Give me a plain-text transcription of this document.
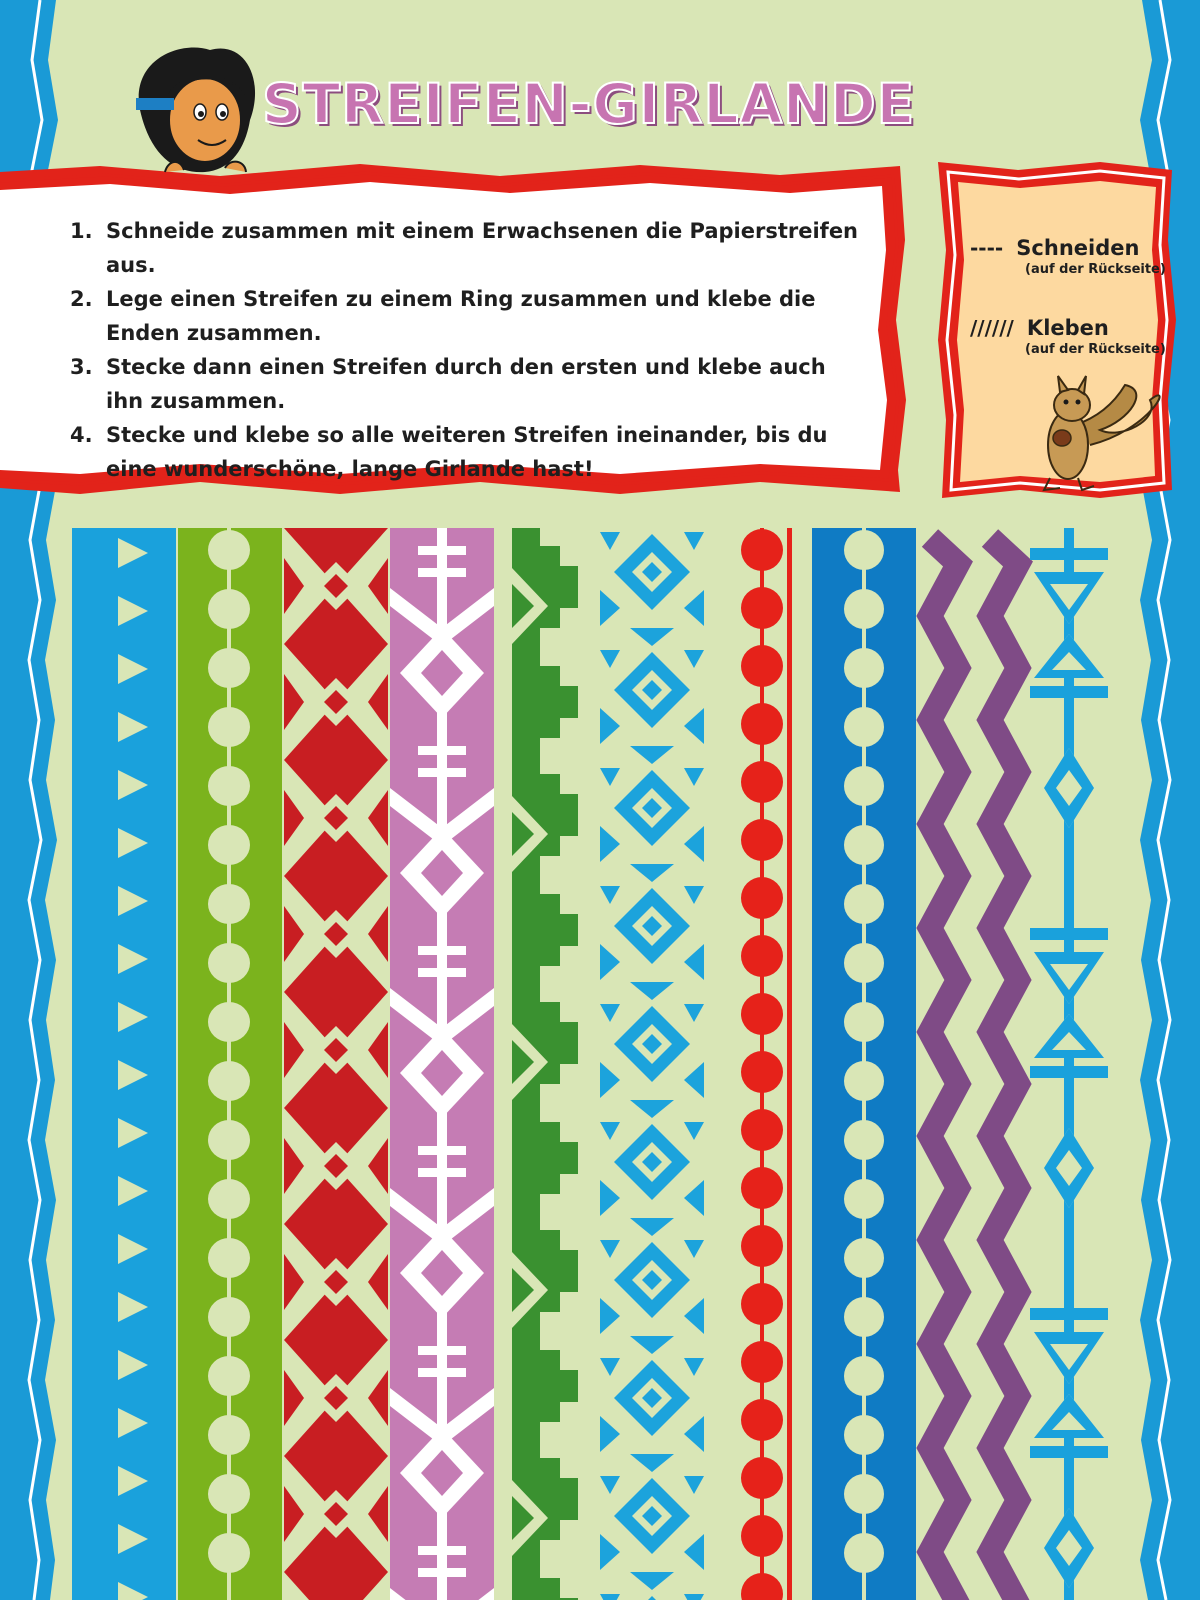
STREIFEN-GIRLANDE
1. Schneide zusammen mit einem Erwachsenen die Papierstreifen aus.
2. Lege einen Streifen zu einem Ring zusammen und klebe die Enden zusammen.
3. Stecke dann einen Streifen durch den ersten und klebe auch ihn zusammen.
4. Stecke und klebe so alle weiteren Streifen ineinander, bis du eine wunderschöne, lange Girlande hast!
---- Schneiden
(auf der Rückseite)
////// Kleben
(auf der Rückseite)
